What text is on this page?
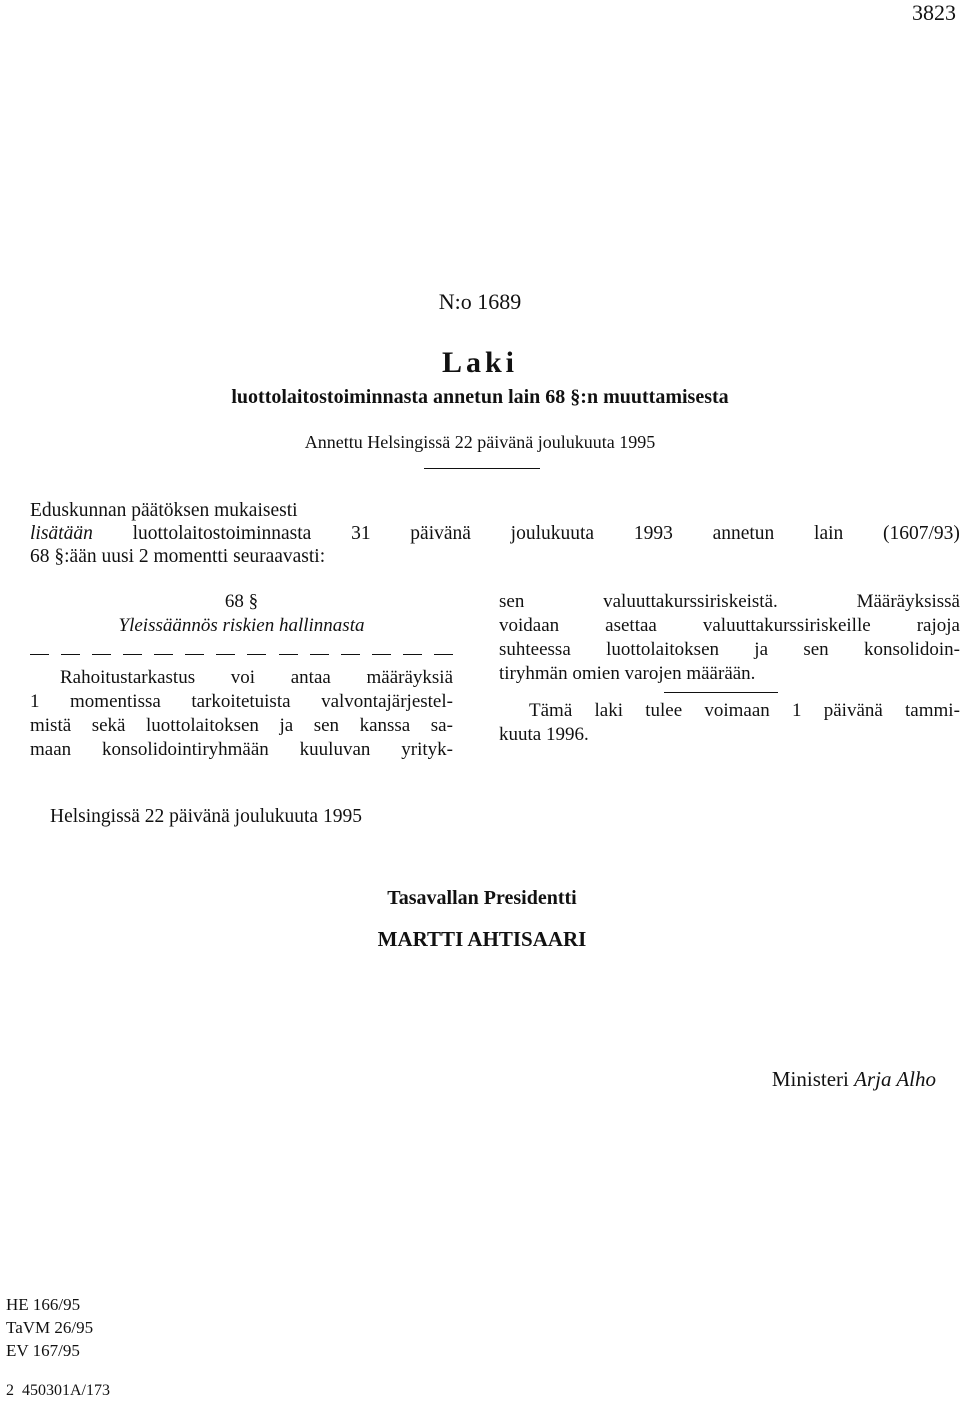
3823
N:o 1689
Laki
luottolaitostoiminnasta annetun lain 68 §:n muuttamisesta
Annettu Helsingissä 22 päivänä joulukuuta 1995
Eduskunnan päätöksen mukaisesti
lisätään luottolaitostoiminnasta 31 päivänä joulukuuta 1993 annetun lain (1607/93)
68 §:ään uusi 2 momentti seuraavasti:
68 §
Yleissäännös riskien hallinnasta
Rahoitustarkastus voi antaa määräyksiä
1 momentissa tarkoitetuista valvontajärjestel-
mistä sekä luottolaitoksen ja sen kanssa sa-
maan konsolidointiryhmään kuuluvan yrityk-
sen	valuuttakurssiriskeistä.	Määräyksissä
voidaan asettaa valuuttakurssiriskeille rajoja
suhteessa luottolaitoksen ja sen konsolidoin-
tiryhmän omien varojen määrään.
Tämä laki tulee voimaan 1 päivänä tammi-
kuuta 1996.
Helsingissä 22 päivänä joulukuuta 1995
Tasavallan Presidentti
MARTTI AHTISAARI
Ministeri Arja Alho
HE 166/95
TaVM 26/95
EV 167/95
2  450301A/173
